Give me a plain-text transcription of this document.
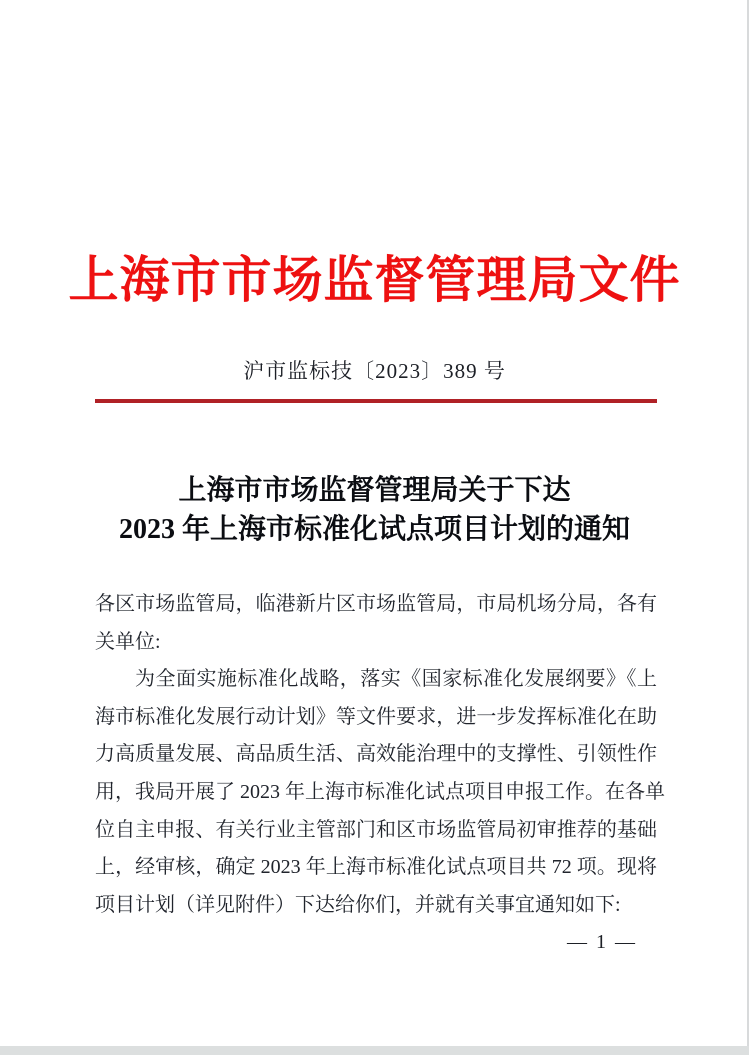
上海市市场监督管理局文件
沪市监标技〔2023〕389 号
上海市市场监督管理局关于下达
2023 年上海市标准化试点项目计划的通知
各区市场监管局，临港新片区市场监管局，市局机场分局，各有
关单位:
为全面实施标准化战略，落实《国家标准化发展纲要》《上
海市标准化发展行动计划》等文件要求，进一步发挥标准化在助
力高质量发展、高品质生活、高效能治理中的支撑性、引领性作
用，我局开展了 2023 年上海市标准化试点项目申报工作。在各单
位自主申报、有关行业主管部门和区市场监管局初审推荐的基础
上，经审核，确定 2023 年上海市标准化试点项目共 72 项。现将
项目计划（详见附件）下达给你们，并就有关事宜通知如下:
— 1 —
